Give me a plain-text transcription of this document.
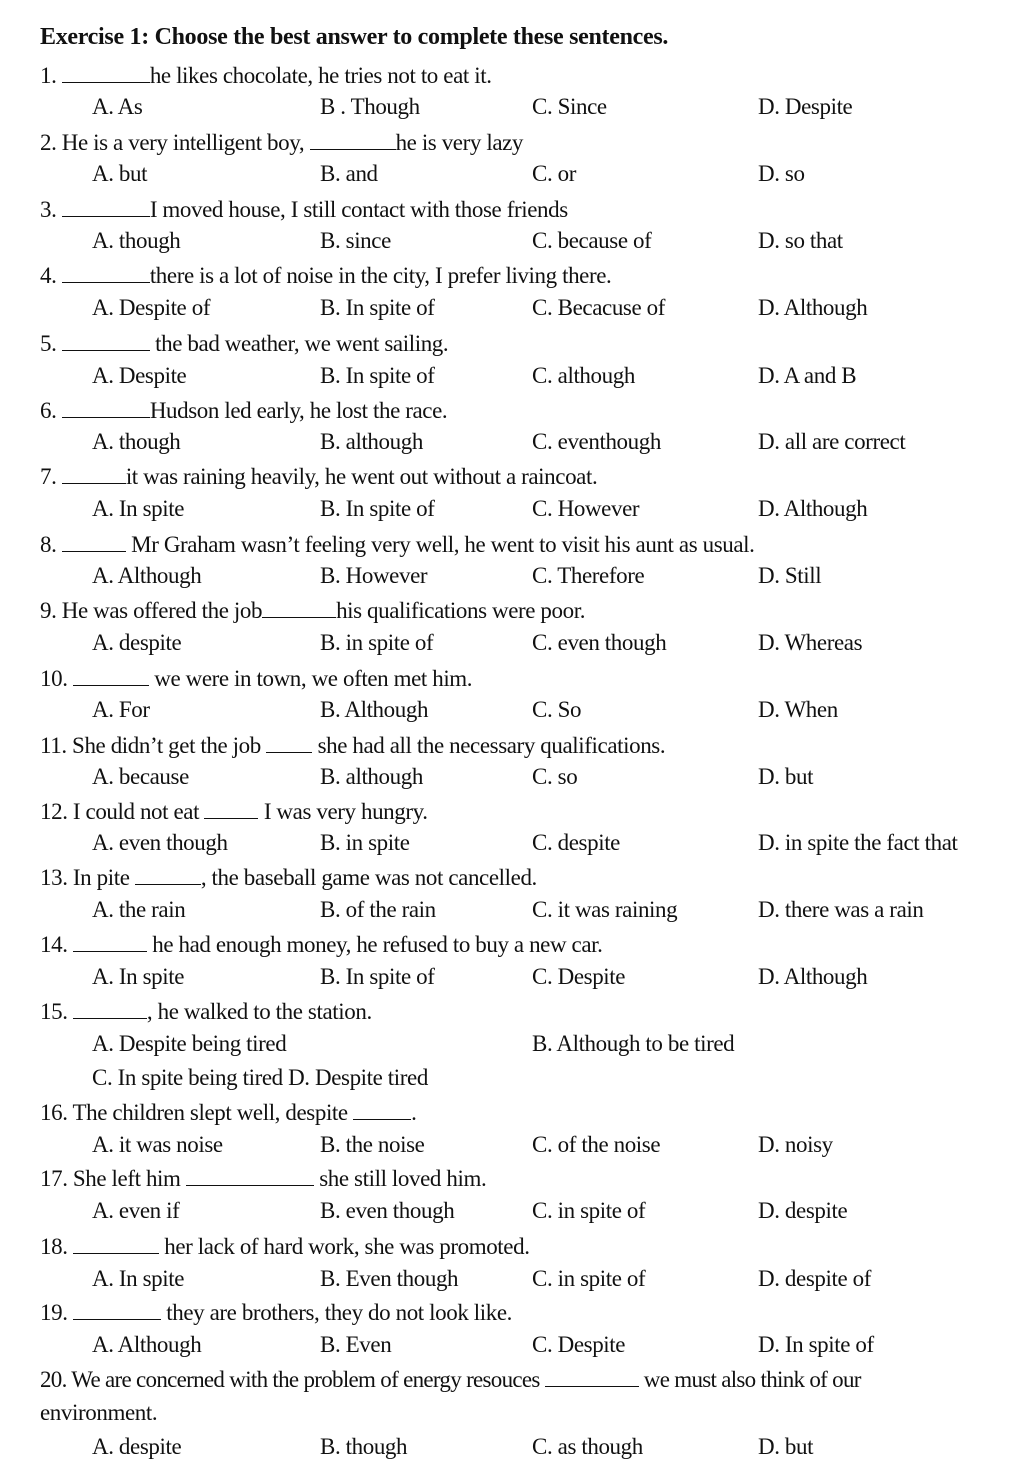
Exercise 1: Choose the best answer to complete these sentences.
1.	he likes chocolate, he tries not to eat it.
A. As	B . Though	C. Since	D. Despite
2. He is a very intelligent boy,	he is very lazy
A. but	B. and	C. or	D. so
3.	I moved house, I still contact with those friends
A. though	B. since	C. because of	D. so that
4.	there is a lot of noise in the city, I prefer living there.
A. Despite of	B. In spite of	C. Becacuse of	D. Although
5.	the bad weather, we went sailing.
A. Despite	B. In spite of	C. although	D. A and B
6.	Hudson led early, he lost the race.
A. though	B. although	C. eventhough	D. all are correct
7.	it was raining heavily, he went out without a raincoat.
A. In spite	B. In spite of	C. However	D. Although
8.	Mr Graham wasn’t feeling very well, he went to visit his aunt as usual.
A. Although	B. However	C. Therefore	D. Still
9. He was offered the job	his qualifications were poor.
A. despite	B. in spite of	C. even though	D. Whereas
10.	we were in town, we often met him.
A. For	B. Although	C. So	D. When
11. She didn’t get the job  she had all the necessary qualifications.
A. because	B. although	C. so	D. but
12. I could not eat  I was very hungry.
A. even though	B. in spite	C. despite	D. in spite the fact that
13. In pite	, the baseball game was not cancelled.
A. the rain	B. of the rain	C. it was raining	D. there was a rain
14.	he had enough money, he refused to buy a new car.
A. In spite	B. In spite of	C. Despite	D. Although
15.	, he walked to the station.
A. Despite being tired	B. Although to be tired
C. In spite being tired D. Despite tired
16. The children slept well, despite	.
A. it was noise	B. the noise	C. of the noise	D. noisy
17. She left him	she still loved him.
A. even if	B. even though	C. in spite of	D. despite
18.	her lack of hard work, she was promoted.
A. In spite	B. Even though	C. in spite of	D. despite of
19.	they are brothers, they do not look like.
A. Although	B. Even	C. Despite	D. In spite of
20. We are concerned with the problem of energy resouces	we must also think of our
environment.
A. despite	B. though	C. as though	D. but
